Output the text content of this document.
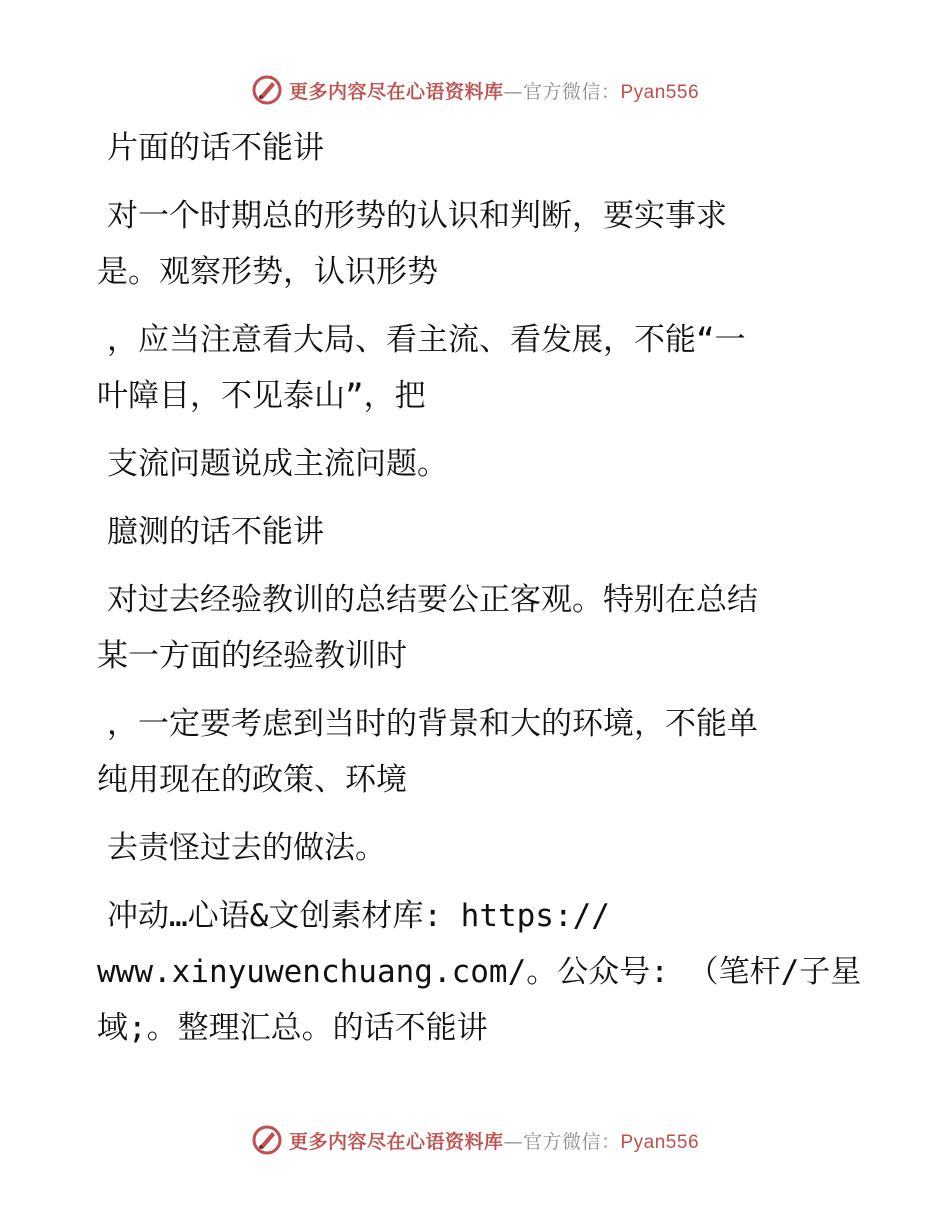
更多内容尽在心语资料库—官方微信：Pyan556
片面的话不能讲
对一个时期总的形势的认识和判断，要实事求
是。观察形势，认识形势
，应当注意看大局、看主流、看发展，不能“一
叶障目，不见泰山”，把
支流问题说成主流问题。
臆测的话不能讲
对过去经验教训的总结要公正客观。特别在总结
某一方面的经验教训时
，一定要考虑到当时的背景和大的环境，不能单
纯用现在的政策、环境
去责怪过去的做法。
冲动…心语&文创素材库: https://
www.xinyuwenchuang.com/。公众号: （笔杆/子星
域;。整理汇总。的话不能讲
更多内容尽在心语资料库—官方微信：Pyan556
